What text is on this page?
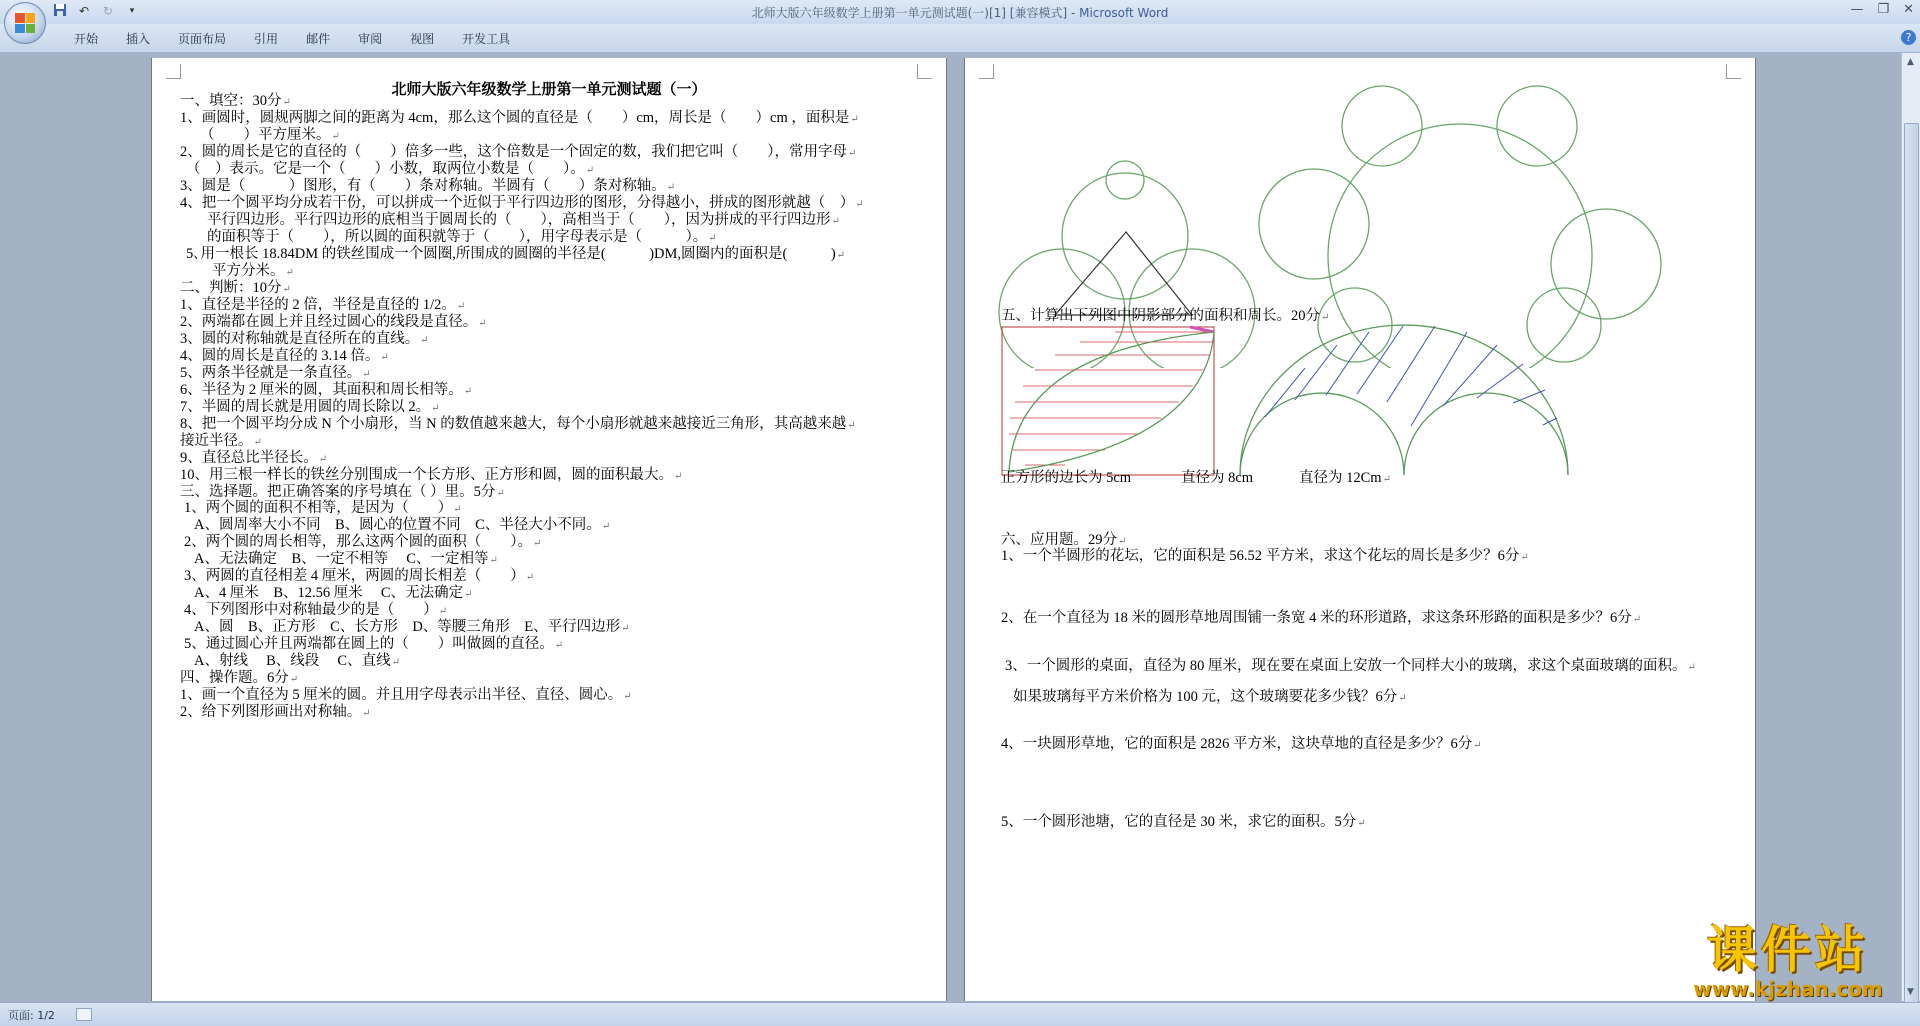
北师大版六年级数学上册第一单元测试题(一)[1] [兼容模式] - Microsoft Word
↶ ↻	▾	— ❐ ✕
开始	插入	页面布局	引用	邮件	审阅	视图	开发工具	?
北师大版六年级数学上册第一单元测试题（一）
一、填空：30分↵
1、画圆时，圆规两脚之间的距离为 4cm，那么这个圆的直径是（　　）cm，周长是（　　）cm ，面积是↵
（　　）平方厘米。↵
2、圆的周长是它的直径的（　　）倍多一些，这个倍数是一个固定的数，我们把它叫（　　），常用字母↵
（　）表示。它是一个（　　）小数，取两位小数是（　　）。↵
3、圆是（　　　）图形，有（　　）条对称轴。半圆有（　　）条对称轴。↵
4、把一个圆平均分成若干份，可以拼成一个近似于平行四边形的图形，分得越小，拼成的图形就越（　）↵
平行四边形。平行四边形的底相当于圆周长的（　　），高相当于（　　），因为拼成的平行四边形↵
的面积等于（　　），所以圆的面积就等于（　　），用字母表示是（　　　）。↵
5､用一根长 18.84DM 的铁丝围成一个圆圈,所围成的圆圈的半径是(　　　)DM,圆圈内的面积是(　　　)↵
平方分米。↵
二、判断：10分↵
1、直径是半径的 2 倍，半径是直径的 1/2。↵
2、两端都在圆上并且经过圆心的线段是直径。↵
3、圆的对称轴就是直径所在的直线。↵
4、圆的周长是直径的 3.14 倍。↵
5、两条半径就是一条直径。↵
6、半径为 2 厘米的圆，其面积和周长相等。↵
7、半圆的周长就是用圆的周长除以 2。↵
8、把一个圆平均分成 N 个小扇形，当 N 的数值越来越大，每个小扇形就越来越接近三角形，其高越来越↵
接近半径。↵
9、直径总比半径长。↵
10、用三根一样长的铁丝分别围成一个长方形、正方形和圆，圆的面积最大。↵
三、选择题。把正确答案的序号填在（ ）里。5分↵
1、两个圆的面积不相等，是因为（　　）↵
A、圆周率大小不同　B、圆心的位置不同　C、半径大小不同。↵
2、两个圆的周长相等，那么这两个圆的面积（　　）。↵
A、无法确定　B、一定不相等　 C、一定相等↵
3、两圆的直径相差 4 厘米，两圆的周长相差（　　）↵
A、4 厘米　B、12.56 厘米　 C、无法确定↵
4、下列图形中对称轴最少的是（　　）↵
A、圆　B、正方形　C、长方形　D、等腰三角形　E、平行四边形↵
5、通过圆心并且两端都在圆上的（　　）叫做圆的直径。↵
A、射线　 B、线段　 C、直线↵
四、操作题。6分↵
1、画一个直径为 5 厘米的圆。并且用字母表示出半径、直径、圆心。↵
2、给下列图形画出对称轴。↵
五、计算出下列图中阴影部分的面积和周长。20分↵
正方形的边长为 5cm	直径为 8cm	直径为 12Cm↵
六、应用题。29分↵
1、一个半圆形的花坛，它的面积是 56.52 平方米，求这个花坛的周长是多少？6分↵
2、在一个直径为 18 米的圆形草地周围铺一条宽 4 米的环形道路，求这条环形路的面积是多少？6分↵
3、一个圆形的桌面，直径为 80 厘米，现在要在桌面上安放一个同样大小的玻璃，求这个桌面玻璃的面积。↵
如果玻璃每平方米价格为 100 元，这个玻璃要花多少钱？6分↵
4、一块圆形草地，它的面积是 2826 平方米，这块草地的直径是多少？6分↵
5、一个圆形池塘，它的直径是 30 米，求它的面积。5分↵
▲
▼
页面: 1/2
课件站
www.kjzhan.com
